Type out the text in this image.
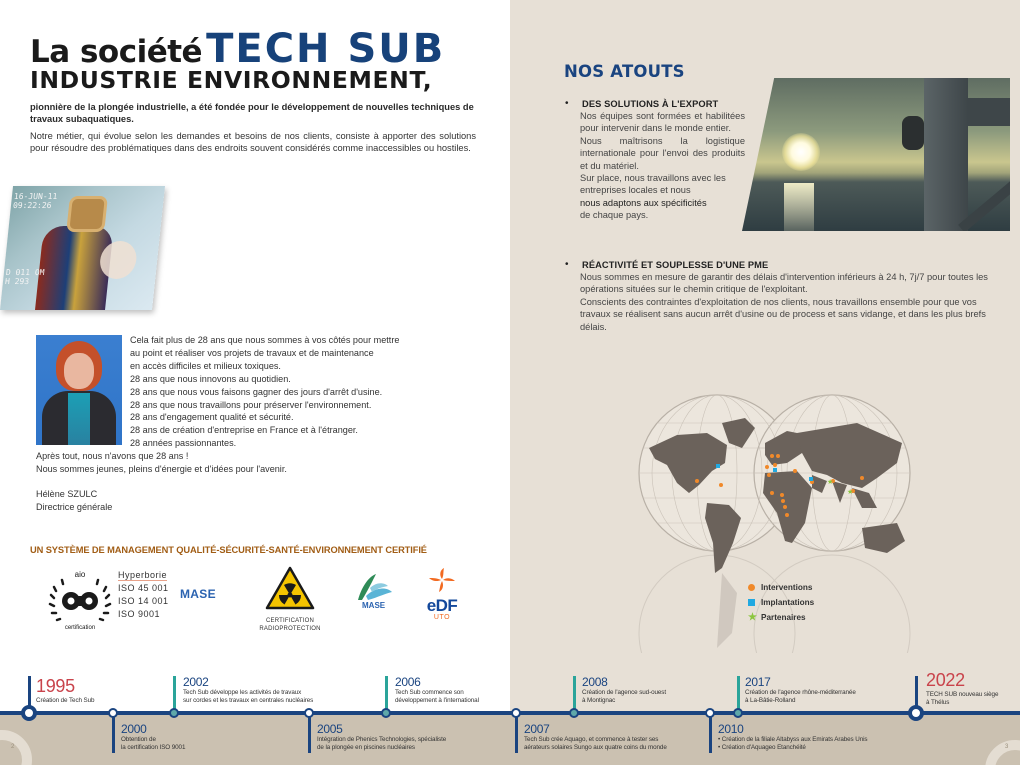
La société TECH SUB
INDUSTRIE ENVIRONNEMENT,
pionnière de la plongée industrielle, a été fondée pour le développement de nouvelles techniques de travaux subaquatiques.
Notre métier, qui évolue selon les demandes et besoins de nos clients, consiste à apporter des solutions pour résoudre des problématiques dans des endroits souvent considérés comme inaccessibles ou hostiles.
16-JUN-11
09:22:26
D 011 OM
H 293
Cela fait plus de 28 ans que nous sommes à vos côtés pour mettre
au point et réaliser vos projets de travaux et de maintenance
en accès difficiles et milieux toxiques.
28 ans que nous innovons au quotidien.
28 ans que nous vous faisons gagner des jours d'arrêt d'usine.
28 ans que nous travaillons pour préserver l'environnement.
28 ans d'engagement qualité et sécurité.
28 ans de création d'entreprise en France et à l'étranger.
28 années passionnantes.
Après tout, nous n'avons que 28 ans !
Nous sommes jeunes, pleins d'énergie et d'idées pour l'avenir.
Hélène SZULC
Directrice générale
UN SYSTÈME DE MANAGEMENT QUALITÉ-SÉCURITÉ-SANTÉ-ENVIRONNEMENT CERTIFIÉ
aio
certification
Hyperborie
ISO 45 001
ISO 14 001
ISO 9001
MASE
CERTIFICATION
RADIOPROTECTION
MASE eDF
UTO
NOS ATOUTS
• DES SOLUTIONS À L'EXPORT
Nos équipes sont formées et habilitées pour intervenir dans le monde entier.
Nous maîtrisons la logistique internationale pour l'envoi des produits et du matériel.
Sur place, nous travaillons avec les entreprises locales et nous
nous adaptons aux spécificités
de chaque pays.
• RÉACTIVITÉ ET SOUPLESSE D'UNE PME
Nous sommes en mesure de garantir des délais d'intervention inférieurs à 24 h, 7j/7 pour toutes les opérations situées sur le chemin critique de l'exploitant.
Conscients des contraintes d'exploitation de nos clients, nous travaillons ensemble pour que vos travaux se réalisent sans aucun arrêt d'usine ou de process et sans vidange, et dans les plus brefs délais.
★
★
Interventions
Implantations
★ Partenaires
2	3
1995
Création de Tech Sub
2002
Tech Sub développe les activités de travaux
sur cordes et les travaux en centrales nucléaires
2006
Tech Sub commence son
développement à l'international
2008
Création de l'agence sud-ouest
à Montignac
2017
Création de l'agence rhône-méditerranée
à La-Bâtie-Rolland
2022
TECH SUB nouveau siège
à Thélus
2000
Obtention de
la certification ISO 9001
2005
Intégration de Phenics Technologies, spécialiste
de la plongée en piscines nucléaires
2007
Tech Sub crée Aquago, et commence à tester ses
aérateurs solaires Sungo aux quatre coins du monde
2010
• Création de la filiale Altabyss aux Emirats Arabes Unis
• Création d'Aquageo Etanchéité
